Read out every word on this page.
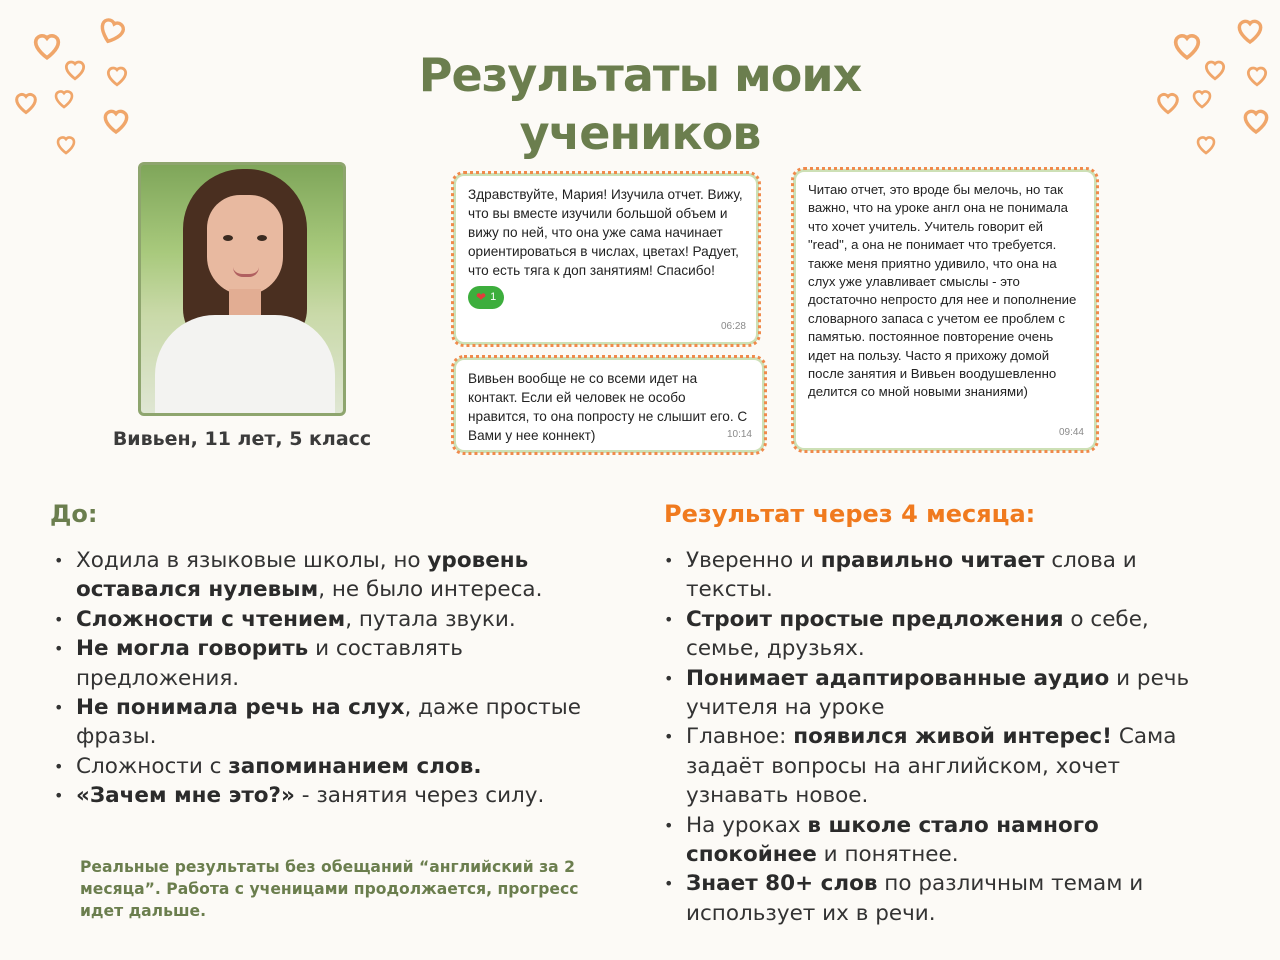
Результаты моих
учеников
Вивьен, 11 лет, 5 класс
Здравствуйте, Мария! Изучила отчет. Вижу, что вы вместе изучили большой объем и вижу по ней, что она уже сама начинает ориентироваться в числах, цветах! Радует, что есть тяга к доп занятиям! Спасибо!
❤ 1
06:28
Вивьен вообще не со всеми идет на контакт. Если ей человек не особо нравится, то она попросту не слышит его. С Вами у нее коннект)	10:14
Читаю отчет, это вроде бы мелочь, но так важно, что на уроке англ она не понимала что хочет учитель. Учитель говорит ей "read", а она не понимает что требуется. также меня приятно удивило, что она на слух уже улавливает смыслы - это достаточно непросто для нее и пополнение словарного запаса с учетом ее проблем с памятью. постоянное повторение очень идет на пользу. Часто я прихожу домой после занятия и Вивьен воодушевленно делится со мной новыми знаниями)
09:44
До:
• Ходила в языковые школы, но уровень оставался нулевым, не было интереса.
• Сложности с чтением, путала звуки.
• Не могла говорить и составлять предложения.
• Не понимала речь на слух, даже простые фразы.
• Сложности с запоминанием слов.
• «Зачем мне это?» - занятия через силу.
Результат через 4 месяца:
• Уверенно и правильно читает слова и тексты.
• Строит простые предложения о себе, семье, друзьях.
• Понимает адаптированные аудио и речь учителя на уроке
• Главное: появился живой интерес! Сама задаёт вопросы на английском, хочет узнавать новое.
• На уроках в школе стало намного спокойнее и понятнее.
• Знает 80+ слов по различным темам и использует их в речи.
Реальные результаты без обещаний “английский за 2 месяца”. Работа с ученицами продолжается, прогресс идет дальше.
